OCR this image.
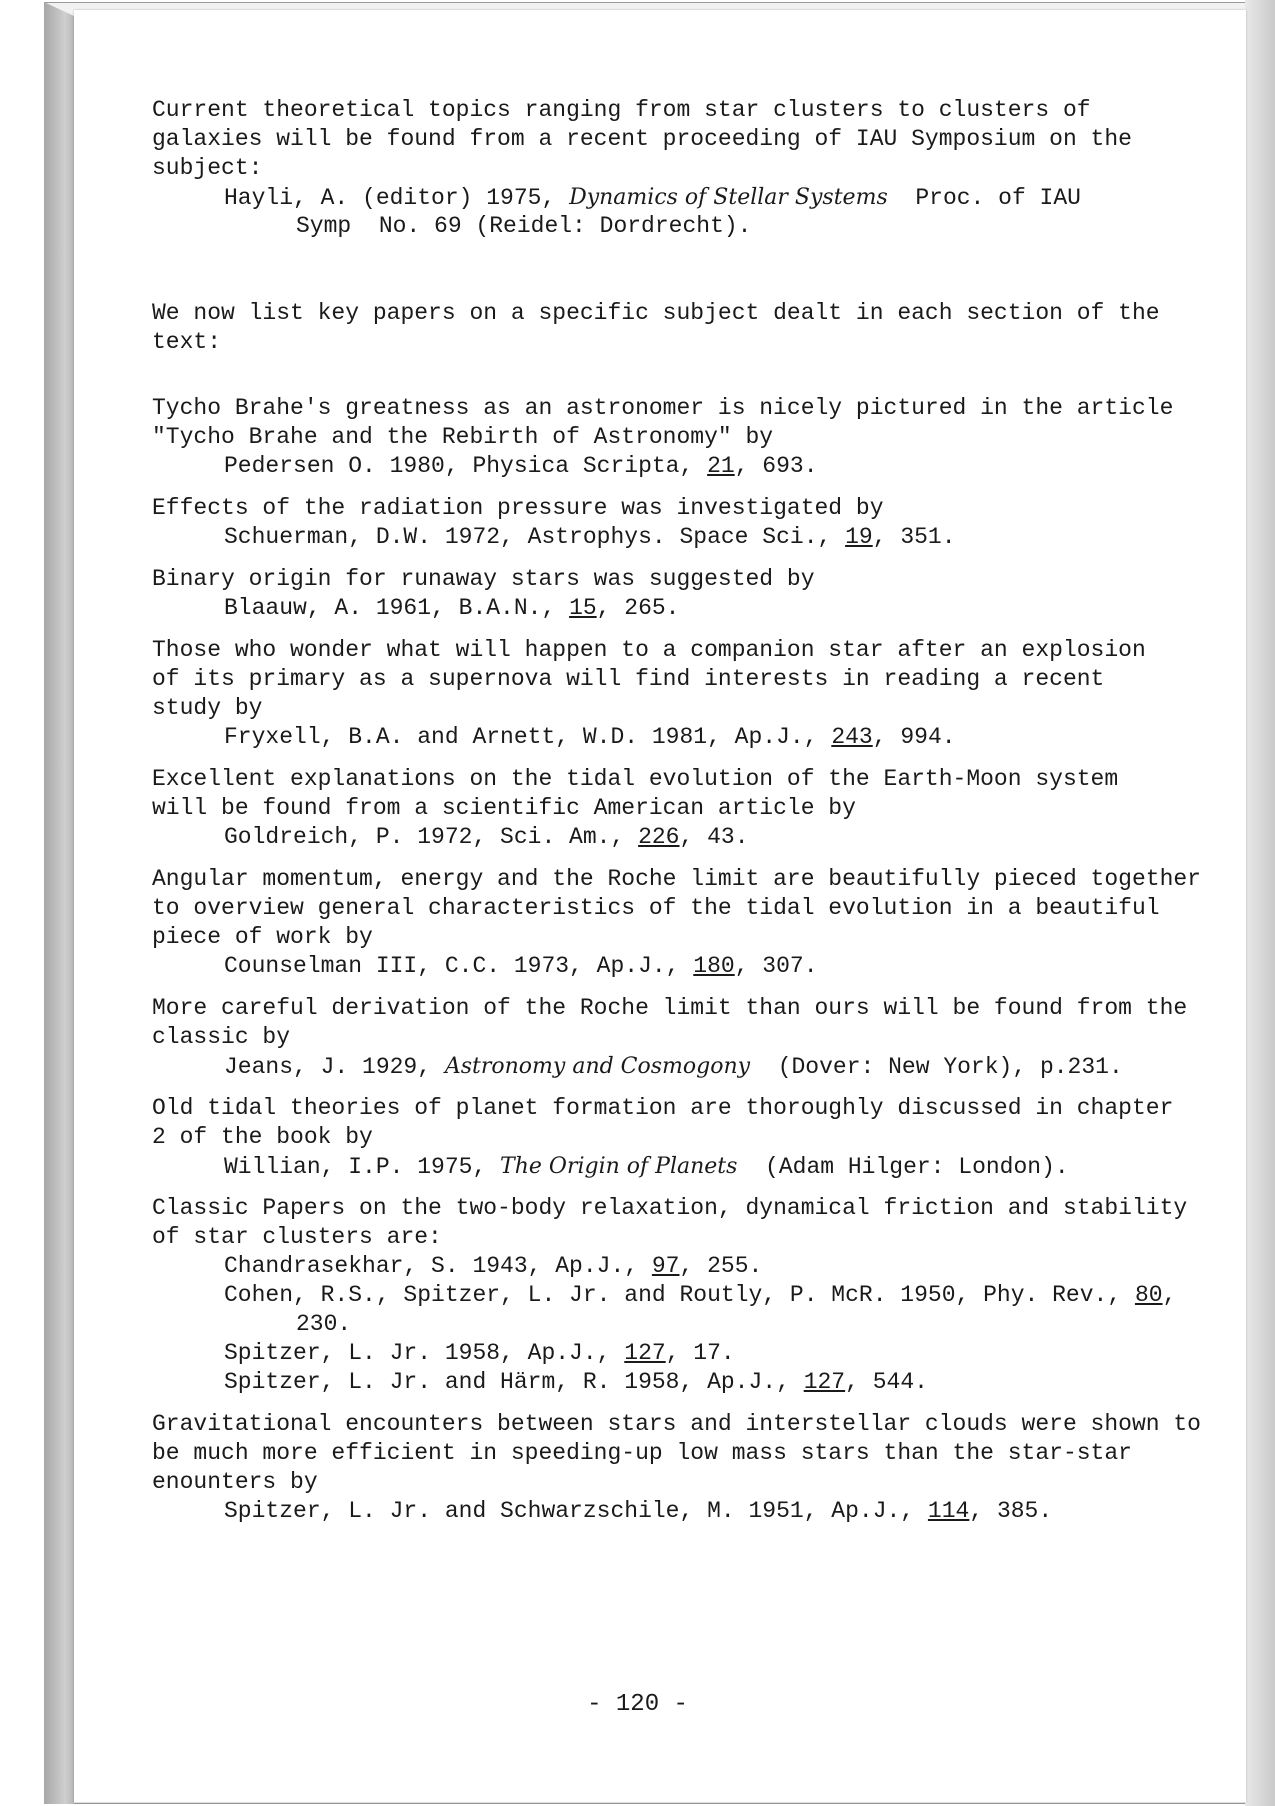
Current theoretical topics ranging from star clusters to clusters of
galaxies will be found from a recent proceeding of IAU Symposium on the
subject:
Hayli, A. (editor) 1975, Dynamics of Stellar Systems  Proc. of IAU
Symp  No. 69 (Reidel: Dordrecht).
We now list key papers on a specific subject dealt in each section of the
text:
Tycho Brahe's greatness as an astronomer is nicely pictured in the article
"Tycho Brahe and the Rebirth of Astronomy" by
Pedersen O. 1980, Physica Scripta, 21, 693.
Effects of the radiation pressure was investigated by
Schuerman, D.W. 1972, Astrophys. Space Sci., 19, 351.
Binary origin for runaway stars was suggested by
Blaauw, A. 1961, B.A.N., 15, 265.
Those who wonder what will happen to a companion star after an explosion
of its primary as a supernova will find interests in reading a recent
study by
Fryxell, B.A. and Arnett, W.D. 1981, Ap.J., 243, 994.
Excellent explanations on the tidal evolution of the Earth-Moon system
will be found from a scientific American article by
Goldreich, P. 1972, Sci. Am., 226, 43.
Angular momentum, energy and the Roche limit are beautifully pieced together
to overview general characteristics of the tidal evolution in a beautiful
piece of work by
Counselman III, C.C. 1973, Ap.J., 180, 307.
More careful derivation of the Roche limit than ours will be found from the
classic by
Jeans, J. 1929, Astronomy and Cosmogony  (Dover: New York), p.231.
Old tidal theories of planet formation are thoroughly discussed in chapter
2 of the book by
Willian, I.P. 1975, The Origin of Planets  (Adam Hilger: London).
Classic Papers on the two-body relaxation, dynamical friction and stability
of star clusters are:
Chandrasekhar, S. 1943, Ap.J., 97, 255.
Cohen, R.S., Spitzer, L. Jr. and Routly, P. McR. 1950, Phy. Rev., 80,
230.
Spitzer, L. Jr. 1958, Ap.J., 127, 17.
Spitzer, L. Jr. and Härm, R. 1958, Ap.J., 127, 544.
Gravitational encounters between stars and interstellar clouds were shown to
be much more efficient in speeding-up low mass stars than the star-star
enounters by
Spitzer, L. Jr. and Schwarzschile, M. 1951, Ap.J., 114, 385.
- 120 -
